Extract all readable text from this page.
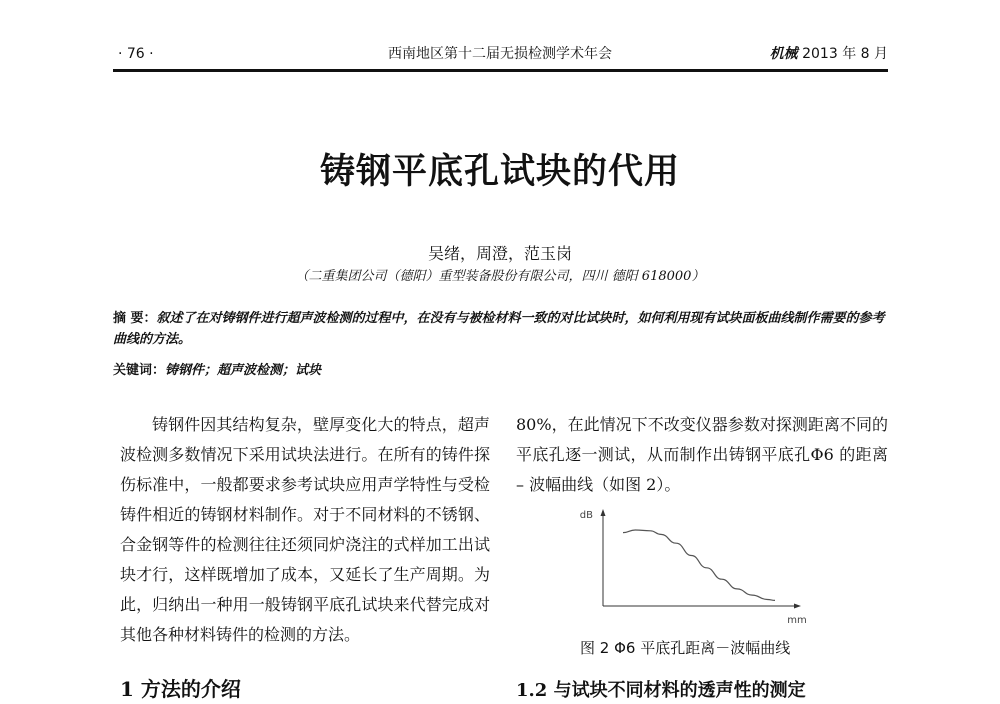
· 76 ·	西南地区第十二届无损检测学术年会	机械 2013 年 8 月
铸钢平底孔试块的代用
吴绪，周澄，范玉岗
（二重集团公司（德阳）重型装备股份有限公司，四川 德阳 618000）
摘 要：叙述了在对铸钢件进行超声波检测的过程中，在没有与被检材料一致的对比试块时，如何利用现有试块面板曲线制作需要的参考曲线的方法。
关键词：铸钢件；超声波检测；试块

铸钢件因其结构复杂，壁厚变化大的特点，超声波检测多数情况下采用试块法进行。在所有的铸件探伤标准中，一般都要求参考试块应用声学特性与受检铸件相近的铸钢材料制作。对于不同材料的不锈钢、合金钢等件的检测往往还须同炉浇注的式样加工出试块才行，这样既增加了成本，又延长了生产周期。为此，归纳出一种用一般铸钢平底孔试块来代替完成对其他各种材料铸件的检测的方法。

1 方法的介绍

80%，在此情况下不改变仪器参数对探测距离不同的平底孔逐一测试，从而制作出铸钢平底孔Φ6 的距离 – 波幅曲线（如图 2）。

1.2 与试块不同材料的透声性的测定
dB
mm
图 2 Φ6 平底孔距离－波幅曲线
